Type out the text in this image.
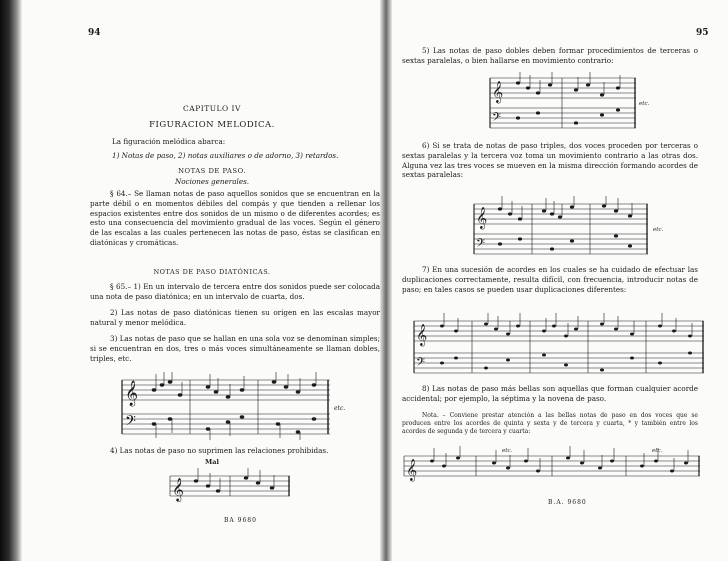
94
CAPITULO IV
FIGURACION MELODICA.
La figuración melódica abarca:
1) Notas de paso, 2) notas auxiliares o de adorno, 3) retardos.
NOTAS DE PASO.
Nociones generales.
§ 64.– Se llaman notas de paso aquellos sonidos que se encuentran en la parte débil o en momentos débiles del compás y que tienden a rellenar los espacios existentes entre dos sonidos de un mismo o de diferentes acordes; es esto una consecuencia del movimiento gradual de las voces. Según el género de las escalas a las cuales pertenecen las notas de paso, éstas se clasifican en diatónicas y cromáticas.
NOTAS DE PASO DIATÓNICAS.
§ 65.– 1) En un intervalo de tercera entre dos sonidos puede ser colocada una nota de paso diatónica; en un intervalo de cuarta, dos.
2) Las notas de paso diatónicas tienen su origen en las escalas mayor natural y menor melódica.
3) Las notas de paso que se hallan en una sola voz se denominan simples; si se encuentran en dos, tres o más voces simultáneamente se llaman dobles, triples, etc.
𝄞
𝄢
etc.
4) Las notas de paso no suprimen las relaciones prohibidas.
Mal
𝄞
BA 9680
95
5) Las notas de paso dobles deben formar procedimientos de terceras o sextas paralelas, o bien hallarse en movimiento contrario:
𝄞
𝄢
etc.
6) Si se trata de notas de paso triples, dos voces proceden por terceras o sextas paralelas y la tercera voz toma un movimiento contrario a las otras dos. Alguna vez las tres voces se mueven en la misma dirección formando acordes de sextas paralelas:
𝄞
𝄢
etc.
7) En una sucesión de acordes en los cuales se ha cuidado de efectuar las duplicaciones correctamente, resulta difícil, con frecuencia, introducir notas de paso; en tales casos se pueden usar duplicaciones diferentes:
𝄞
𝄢
8) Las notas de paso más bellas son aquellas que forman cualquier acorde accidental; por ejemplo, la séptima y la novena de paso.
Nota. – Conviene prestar atención a las bellas notas de paso en dos voces que se producen entre los acordes de quinta y sexta y de tercera y cuarta, * y también entre los acordes de segunda y de tercera y cuarta:
𝄞
etc.	etc.
B.A. 9680
